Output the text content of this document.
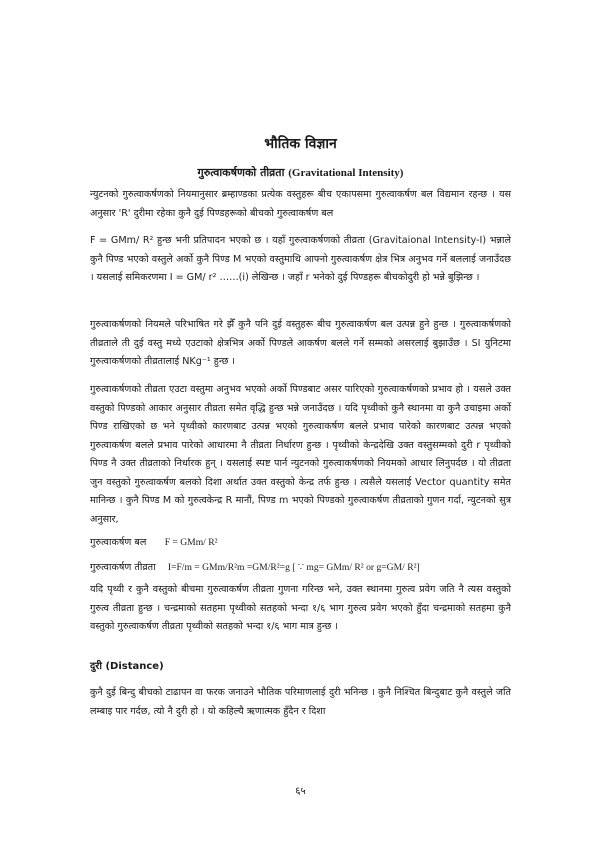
भौतिक विज्ञान
गुरुत्वाकर्षणको तीव्रता (Gravitational Intensity)
न्युटनको गुरुत्वाकर्षणको नियमानुसार ब्रम्हाण्डका प्रत्येक वस्तुहरू बीच एकापसमा गुरुत्वाकर्षण बल विद्यमान रहन्छ । यस अनुसार 'R' दुरीमा रहेका कुनै दुई पिण्डहरूको बीचको गुरुत्वाकर्षण बल
F = GMm/ R² हुन्छ भनी प्रतिपादन भएको छ । यहाँ गुरुत्वाकर्षणको तीव्रता (Gravitaional Intensity-I) भन्नाले कुनै पिण्ड भएको वस्तुले अर्को कुनै पिण्ड M भएको वस्तुमाथि आफ्नो गुरुत्वाकर्षण क्षेत्र भित्र अनुभव गर्ने बललाई जनाउँदछ । यसलाई समिकरणमा I = GM/ r² ……(i) लेखिन्छ । जहाँ r भनेको दुई पिण्डहरू बीचकोदुरी हो भन्ने बुझिन्छ ।
गुरुत्वाकर्षणको नियमले परिभाषित गरे झैँ कुनै पनि दुई वस्तुहरू बीच गुरुत्वाकर्षण बल उत्पन्न हुने हुन्छ । गुरुत्वाकर्षणको तीव्रताले ती दुई वस्तु मध्ये एउटाको क्षेत्रभित्र अर्को पिण्डले आकर्षण बलले गर्ने सम्मको असरलाई बुझाउँछ । SI युनिटमा गुरुत्वाकर्षणको तीव्रतालाई NKg⁻¹ हुन्छ ।
गुरुत्वाकर्षणको तीव्रता एउटा वस्तुमा अनुभव भएको अर्को पिण्डबाट असर पारिएको गुरुत्वाकर्षणको प्रभाव हो । यसले उक्त वस्तुको पिण्डको आकार अनुसार तीव्रता समेत वृद्धि हुन्छ भन्ने जनाउँदछ । यदि पृथ्वीको कुनै स्थानमा वा कुनै उचाइमा अर्को पिण्ड राखिएको छ भने पृथ्वीको कारणबाट उत्पन्न भएको गुरुत्वाकर्षण बलले प्रभाव पारेको कारणबाट उत्पन्न भएको गुरुत्वाकर्षण बलले प्रभाव पारेको आधारमा नै तीव्रता निर्धारण हुन्छ । पृथ्वीको केन्द्रदेखि उक्त वस्तुसम्मको दुरी r पृथ्वीको पिण्ड नै उक्त तीव्रताको निर्धारक हुन् । यसलाई स्पष्ट पार्न न्युटनको गुरुत्वाकर्षणको नियमको आधार लिनुपर्दछ । यो तीव्रता जुन वस्तुको गुरुत्वाकर्षण बलको दिशा अर्थात उक्त वस्तुको केन्द्र तर्फ हुन्छ । त्यसैले यसलाई Vector quantity समेत मानिन्छ । कुनै पिण्ड M को गुरुत्वकेन्द्र R मानौं, पिण्ड m भएको पिण्डको गुरुत्वाकर्षण तीव्रताको गुणन गर्दा, न्युटनको सुत्र अनुसार,
गुरुत्वाकर्षण बल F = GMm/ R²
गुरुत्वाकर्षण तीव्रता I=F/m = GMm/R²m =GM/R²=g [ ∵ mg= GMm/ R² or g=GM/ R²]
यदि पृथ्वी र कुनै वस्तुको बीचमा गुरुत्वाकर्षण तीव्रता गुणना गरिन्छ भने, उक्त स्थानमा गुरुत्व प्रवेग जति नै त्यस वस्तुको गुरुत्व तीव्रता हुन्छ । चन्द्रमाको सतहमा पृथ्वीको सतहको भन्दा १/६ भाग गुरुत्व प्रवेग भएको हुँदा चन्द्रमाको सतहमा कुनै वस्तुको गुरुत्वाकर्षण तीव्रता पृथ्वीको सतहको भन्दा १/६ भाग मात्र हुन्छ ।
दुरी (Distance)
कुनै दुई बिन्दु बीचको टाढापन वा फरक जनाउने भौतिक परिमाणलाई दुरी भनिन्छ । कुनै निश्चित बिन्दुबाट कुनै वस्तुले जति लम्बाइ पार गर्दछ, त्यो नै दुरी हो । यो कहिल्यै ऋणात्मक हुँदैन र दिशा
६५
